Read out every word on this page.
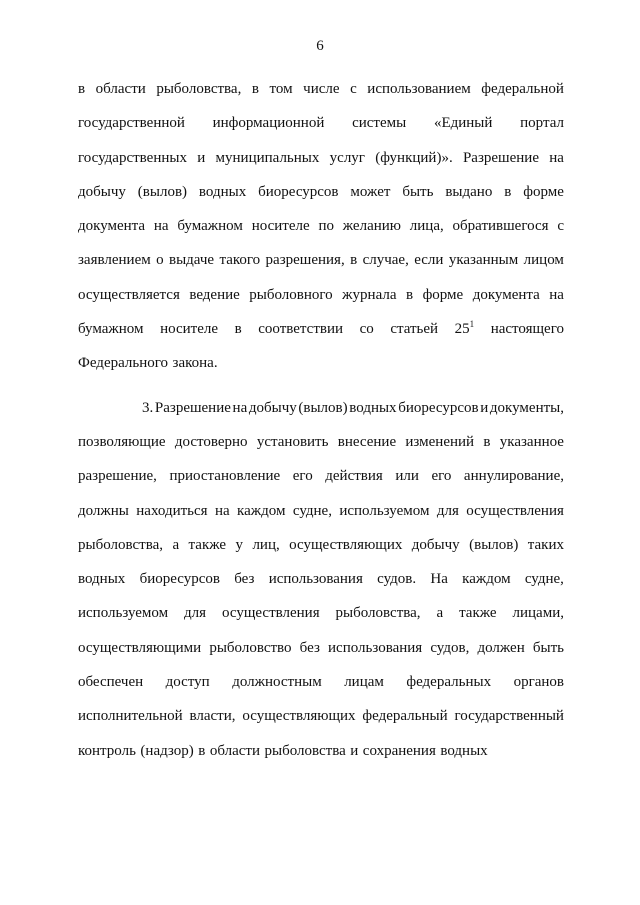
6
в области рыболовства, в том числе с использованием федеральной
государственной информационной системы «Единый портал
государственных и муниципальных услуг (функций)». Разрешение на
добычу (вылов) водных биоресурсов может быть выдано в форме
документа на бумажном носителе по желанию лица, обратившегося с
заявлением о выдаче такого разрешения, в случае, если указанным лицом
осуществляется ведение рыболовного журнала в форме документа на
бумажном носителе в соответствии со статьей $25^1$ настоящего
Федерального закона.
3. Разрешение на добычу (вылов) водных биоресурсов и документы,
позволяющие достоверно установить внесение изменений в указанное
разрешение, приостановление его действия или его аннулирование,
должны находиться на каждом судне, используемом для осуществления
рыболовства, а также у лиц, осуществляющих добычу (вылов) таких
водных биоресурсов без использования судов. На каждом судне,
используемом для осуществления рыболовства, а также лицами,
осуществляющими рыболовство без использования судов, должен быть
обеспечен доступ должностным лицам федеральных органов
исполнительной власти, осуществляющих федеральный государственный
контроль (надзор) в области рыболовства и сохранения водных
